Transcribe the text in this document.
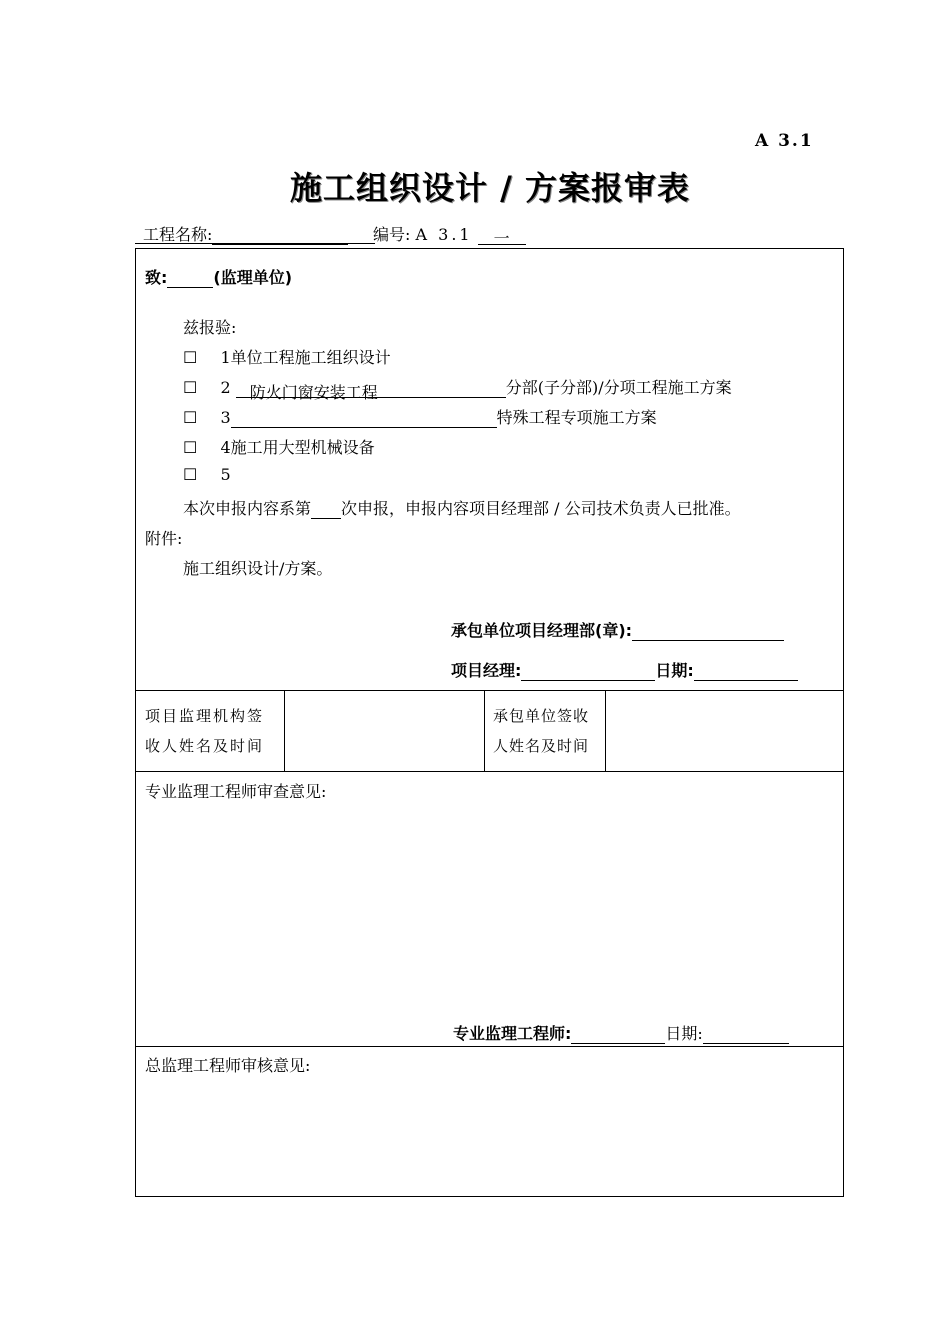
A 3.1
施工组织设计 / 方案报审表
工程名称:	编号: A 3.1 一
致:	(监理单位)
兹报验:
☐ 1单位工程施工组织设计
☐ 2 防火门窗安装工程	分部(子分部)/分项工程施工方案
☐ 3	特殊工程专项施工方案
☐ 4施工用大型机械设备
☐ 5
本次申报内容系第 次申报，申报内容项目经理部 / 公司技术负责人已批准。
附件:
施工组织设计/方案。
承包单位项目经理部(章):
项目经理:	日期:
项目监理机构签
收人姓名及时间
承包单位签收
人姓名及时间
专业监理工程师审查意见:
专业监理工程师:	日期:
总监理工程师审核意见:
